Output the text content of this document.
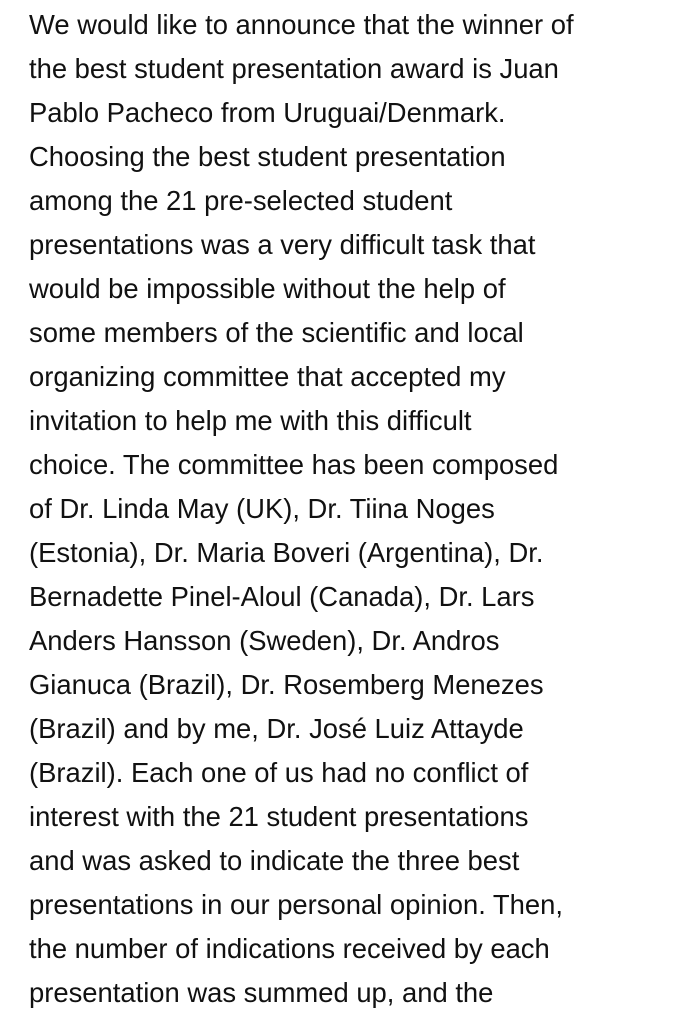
We would like to announce that the winner of
the best student presentation award is Juan
Pablo Pacheco from Uruguai/Denmark.
Choosing the best student presentation
among the 21 pre-selected student
presentations was a very difficult task that
would be impossible without the help of
some members of the scientific and local
organizing committee that accepted my
invitation to help me with this difficult
choice. The committee has been composed
of Dr. Linda May (UK), Dr. Tiina Noges
(Estonia), Dr. Maria Boveri (Argentina), Dr.
Bernadette Pinel-Aloul (Canada), Dr. Lars
Anders Hansson (Sweden), Dr. Andros
Gianuca (Brazil), Dr. Rosemberg Menezes
(Brazil) and by me, Dr. José Luiz Attayde
(Brazil). Each one of us had no conflict of
interest with the 21 student presentations
and was asked to indicate the three best
presentations in our personal opinion. Then,
the number of indications received by each
presentation was summed up, and the
